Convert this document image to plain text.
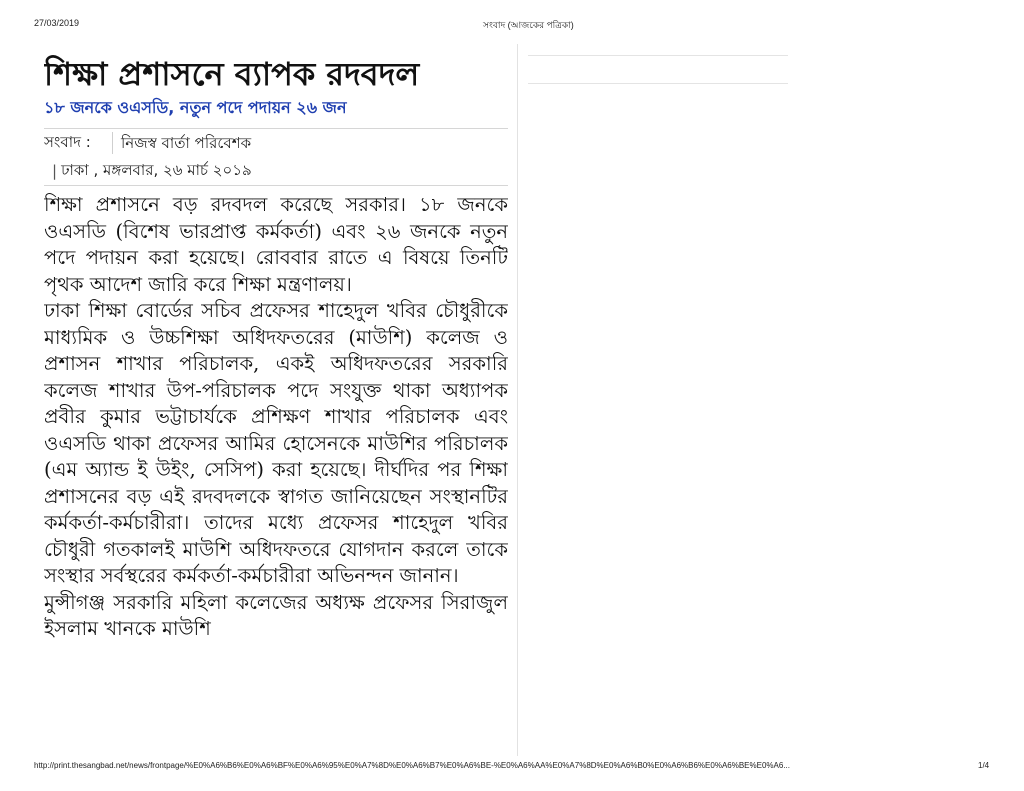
27/03/2019	সংবাদ (আজকের পত্রিকা)
শিক্ষা প্রশাসনে ব্যাপক রদবদল
১৮ জনকে ওএসডি, নতুন পদে পদায়ন ২৬ জন
সংবাদ :	নিজস্ব বার্তা পরিবেশক
| ঢাকা , মঙ্গলবার, ২৬ মার্চ ২০১৯

শিক্ষা প্রশাসনে বড় রদবদল করেছে সরকার। ১৮ জনকে ওএসডি (বিশেষ ভারপ্রাপ্ত কর্মকর্তা) এবং ২৬ জনকে নতুন পদে পদায়ন করা হয়েছে। রোববার রাতে এ বিষয়ে তিনটি পৃথক আদেশ জারি করে শিক্ষা মন্ত্রণালয়।

ঢাকা শিক্ষা বোর্ডের সচিব প্রফেসর শাহেদুল খবির চৌধুরীকে মাধ্যমিক ও উচ্চশিক্ষা অধিদফতরের (মাউশি) কলেজ ও প্রশাসন শাখার পরিচালক, একই অধিদফতরের সরকারি কলেজ শাখার উপ-পরিচালক পদে সংযুক্ত থাকা অধ্যাপক প্রবীর কুমার ভট্টাচার্যকে প্রশিক্ষণ শাখার পরিচালক এবং ওএসডি থাকা প্রফেসর আমির হোসেনকে মাউশির পরিচালক (এম অ্যান্ড ই উইং, সেসিপ) করা হয়েছে। দীর্ঘদির পর শিক্ষা প্রশাসনের বড় এই রদবদলকে স্বাগত জানিয়েছেন সংস্থানটির কর্মকর্তা-কর্মচারীরা। তাদের মধ্যে প্রফেসর শাহেদুল খবির চৌধুরী গতকালই মাউশি অধিদফতরে যোগদান করলে তাকে সংস্থার সর্বস্থরের কর্মকর্তা-কর্মচারীরা অভিনন্দন জানান।

মুন্সীগঞ্জ সরকারি মহিলা কলেজের অধ্যক্ষ প্রফেসর সিরাজুল ইসলাম খানকে মাউশি

http://print.thesangbad.net/news/frontpage/%E0%A6%B6%E0%A6%BF%E0%A6%95%E0%A7%8D%E0%A6%B7%E0%A6%BE-%E0%A6%AA%E0%A7%8D%E0%A6%B0%E0%A6%B6%E0%A6%BE%E0%A6...	1/4
